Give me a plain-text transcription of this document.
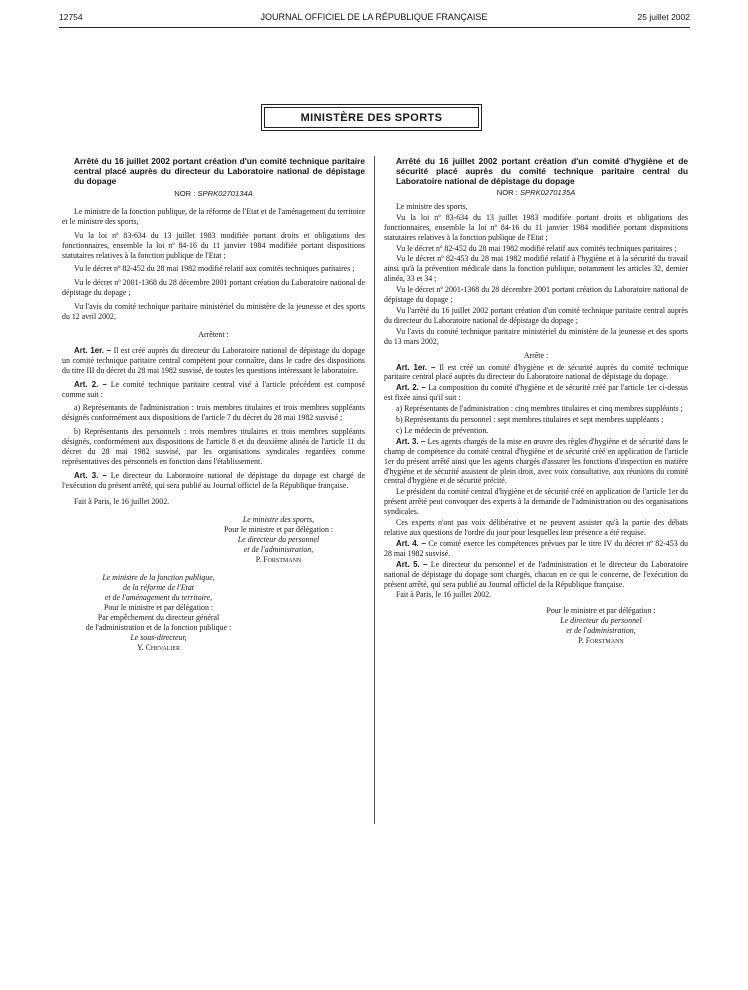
12754	JOURNAL OFFICIEL DE LA RÉPUBLIQUE FRANÇAISE	25 juillet 2002
MINISTÈRE DES SPORTS
Arrêté du 16 juillet 2002 portant création d'un comité technique paritaire central placé auprès du directeur du Laboratoire national de dépistage du dopage
NOR : SPRK0270134A
Le ministre de la fonction publique, de la réforme de l'Etat et de l'aménagement du territoire et le ministre des sports,
Vu la loi nº 83-634 du 13 juillet 1983 modifiée portant droits et obligations des fonctionnaires, ensemble la loi nº 84-16 du 11 janvier 1984 modifiée portant dispositions statutaires relatives à la fonction publique de l'Etat ;
Vu le décret nº 82-452 du 28 mai 1982 modifié relatif aux comités techniques paritaires ;
Vu le décret nº 2001-1368 du 28 décembre 2001 portant création du Laboratoire national de dépistage du dopage ;
Vu l'avis du comité technique paritaire ministériel du ministère de la jeunesse et des sports du 12 avril 2002,
Arrêtent :
Art. 1er. – Il est créé auprès du directeur du Laboratoire national de dépistage du dopage un comité technique paritaire central compétent pour connaître, dans le cadre des dispositions du titre III du décret du 28 mai 1982 susvisé, de toutes les questions intéressant le laboratoire.
Art. 2. – Le comité technique paritaire central visé à l'article précédent est composé comme suit :
a) Représentants de l'administration : trois membres titulaires et trois membres suppléants désignés conformément aux dispositions de l'article 7 du décret du 28 mai 1982 susvisé ;
b) Représentants des personnels : trois membres titulaires et trois membres suppléants désignés, conformément aux dispositions de l'article 8 et du deuxième alinéa de l'article 11 du décret du 28 mai 1982 susvisé, par les organisations syndicales regardées comme représentatives des personnels en fonction dans l'établissement.
Art. 3. – Le directeur du Laboratoire national de dépistage du dopage est chargé de l'exécution du présent arrêté, qui sera publié au Journal officiel de la République française.
Fait à Paris, le 16 juillet 2002.
Le ministre des sports,
Pour le ministre et par délégation :
Le directeur du personnel
et de l'administration,
P. Forstmann
Le ministre de la fonction publique,
de la réforme de l'Etat
et de l'aménagement du territoire,
Pour le ministre et par délégation :
Par empêchement du directeur général
de l'administration et de la fonction publique :
Le sous-directeur,
Y. Chevalier
Arrêté du 16 juillet 2002 portant création d'un comité d'hygiène et de sécurité placé auprès du comité technique paritaire central du Laboratoire national de dépistage du dopage
NOR : SPRK0270135A
Le ministre des sports,
Vu la loi nº 83-634 du 13 juillet 1983 modifiée portant droits et obligations des fonctionnaires, ensemble la loi nº 84-16 du 11 janvier 1984 modifiée portant dispositions statutaires relatives à la fonction publique de l'Etat ;
Vu le décret nº 82-452 du 28 mai 1982 modifié relatif aux comités techniques paritaires ;
Vu le décret nº 82-453 du 28 mai 1982 modifié relatif à l'hygiène et à la sécurité du travail ainsi qu'à la prévention médicale dans la fonction publique, notamment les articles 32, dernier alinéa, 33 et 34 ;
Vu le décret nº 2001-1368 du 28 décembre 2001 portant création du Laboratoire national de dépistage du dopage ;
Vu l'arrêté du 16 juillet 2002 portant création d'un comité technique paritaire central auprès du directeur du Laboratoire national de dépistage du dopage ;
Vu l'avis du comité technique paritaire ministériel du ministère de la jeunesse et des sports du 13 mars 2002,
Arrête :
Art. 1er. – Il est créé un comité d'hygiène et de sécurité auprès du comité technique paritaire central placé auprès du directeur du Laboratoire national de dépistage du dopage.
Art. 2. – La composition du comité d'hygiène et de sécurité créé par l'article 1er ci-dessus est fixée ainsi qu'il suit :
a) Représentants de l'administration : cinq membres titulaires et cinq membres suppléants ;
b) Représentants du personnel : sept membres titulaires et sept membres suppléants ;
c) Le médecin de prévention.
Art. 3. – Les agents chargés de la mise en œuvre des règles d'hygiène et de sécurité dans le champ de compétence du comité central d'hygiène et de sécurité créé en application de l'article 1er du présent arrêté ainsi que les agents chargés d'assurer les fonctions d'inspection en matière d'hygiène et de sécurité assistent de plein droit, avec voix consultative, aux réunions du comité central d'hygiène et de sécurité précité.
Le président du comité central d'hygiène et de sécurité créé en application de l'article 1er du présent arrêté peut convoquer des experts à la demande de l'administration ou des organisations syndicales.
Ces experts n'ont pas voix délibérative et ne peuvent assister qu'à la partie des débats relative aux questions de l'ordre du jour pour lesquelles leur présence a été requise.
Art. 4. – Ce comité exerce les compétences prévues par le titre IV du décret nº 82-453 du 28 mai 1982 susvisé.
Art. 5. – Le directeur du personnel et de l'administration et le directeur du Laboratoire national de dépistage du dopage sont chargés, chacun en ce qui le concerne, de l'exécution du présent arrêté, qui sera publié au Journal officiel de la République française.
Fait à Paris, le 16 juillet 2002.
Pour le ministre et par délégation :
Le directeur du personnel
et de l'administration,
P. Forstmann
